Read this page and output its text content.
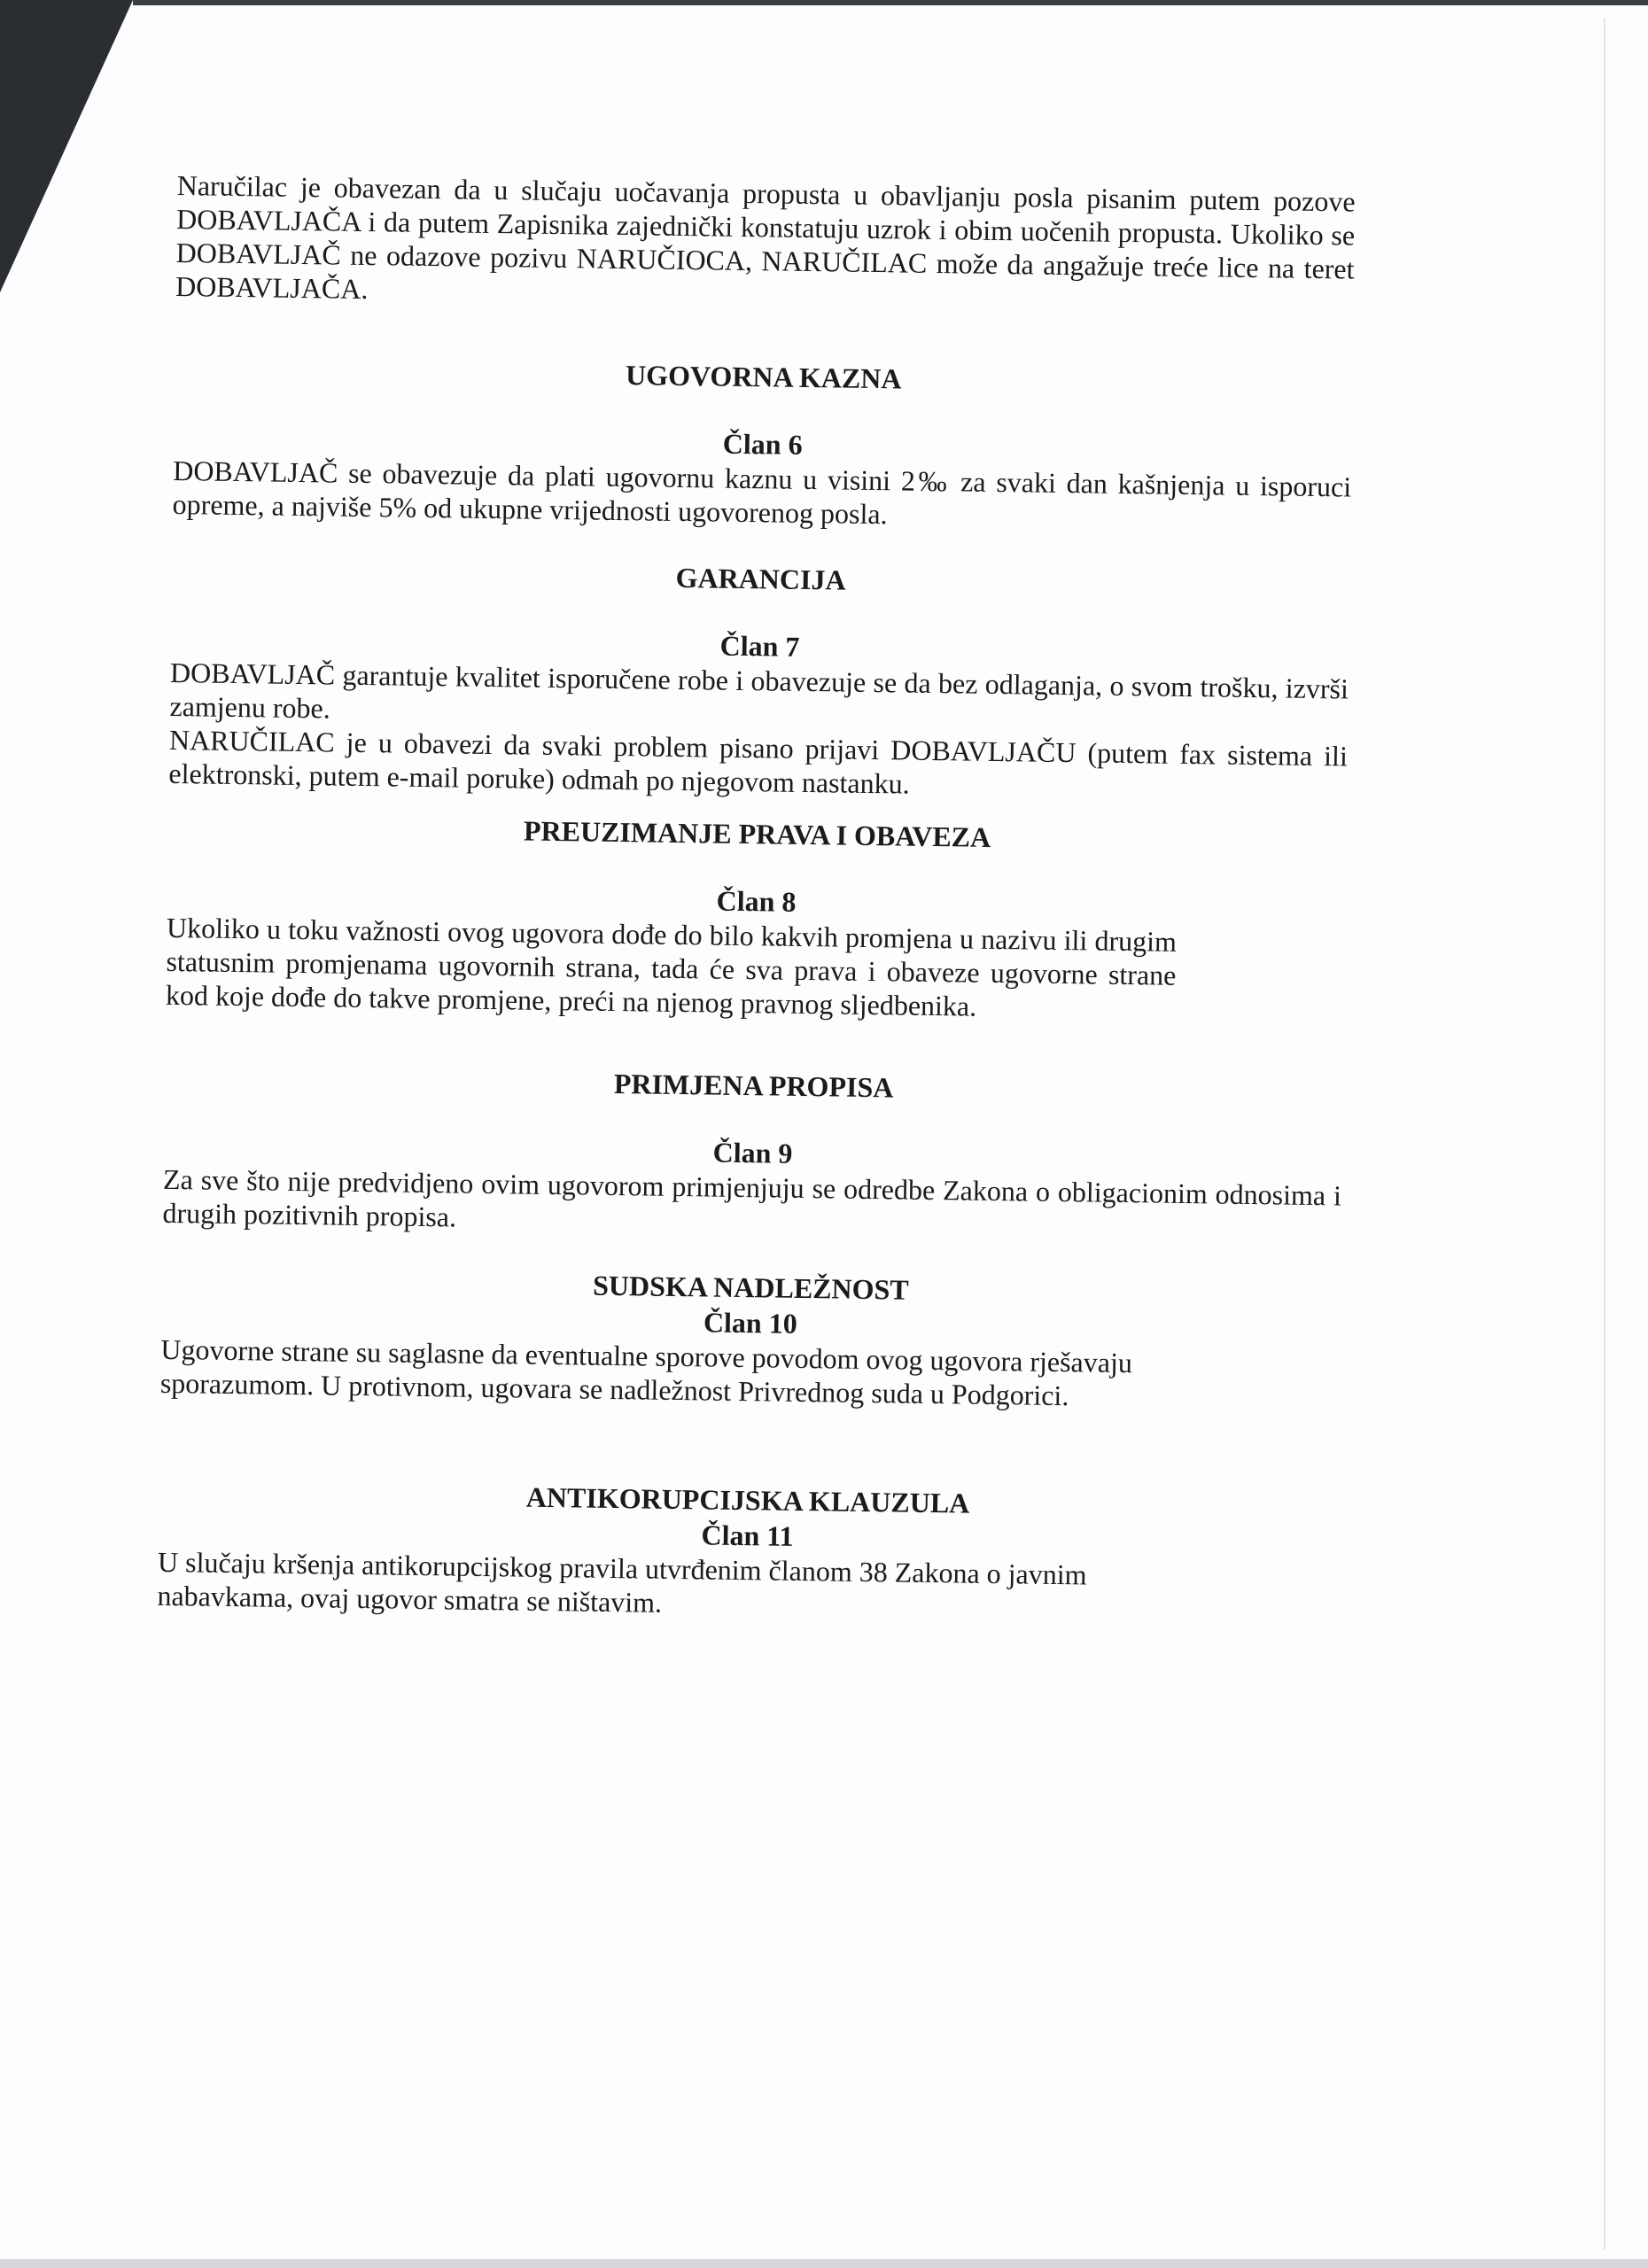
Naručilac je obavezan da u slučaju uočavanja propusta u obavljanju posla pisanim putem pozove DOBAVLJAČA i da putem Zapisnika zajednički konstatuju uzrok i obim uočenih propusta. Ukoliko se DOBAVLJAČ ne odazove pozivu NARUČIOCA, NARUČILAC može da angažuje treće lice na teret DOBAVLJAČA.

UGOVORNA KAZNA
Član 6

DOBAVLJAČ se obavezuje da plati ugovornu kaznu u visini 2‰ za svaki dan kašnjenja u isporuci opreme, a najviše 5% od ukupne vrijednosti ugovorenog posla.

GARANCIJA
Član 7

DOBAVLJAČ garantuje kvalitet isporučene robe i obavezuje se da bez odlaganja, o svom trošku, izvrši zamjenu robe.

NARUČILAC je u obavezi da svaki problem pisano prijavi DOBAVLJAČU (putem fax sistema ili elektronski, putem e-mail poruke) odmah po njegovom nastanku.

PREUZIMANJE PRAVA I OBAVEZA
Član 8

Ukoliko u toku važnosti ovog ugovora dođe do bilo kakvih promjena u nazivu ili drugim statusnim promjenama ugovornih strana, tada će sva prava i obaveze ugovorne strane kod koje dođe do takve promjene, preći na njenog pravnog sljedbenika.

PRIMJENA PROPISA
Član 9

Za sve što nije predvidjeno ovim ugovorom primjenjuju se odredbe Zakona o obligacionim odnosima i drugih pozitivnih propisa.

SUDSKA NADLEŽNOST
Član 10

Ugovorne strane su saglasne da eventualne sporove povodom ovog ugovora rješavaju sporazumom. U protivnom, ugovara se nadležnost Privrednog suda u Podgorici.

ANTIKORUPCIJSKA KLAUZULA
Član 11

U slučaju kršenja antikorupcijskog pravila utvrđenim članom 38 Zakona o javnim nabavkama, ovaj ugovor smatra se ništavim.
